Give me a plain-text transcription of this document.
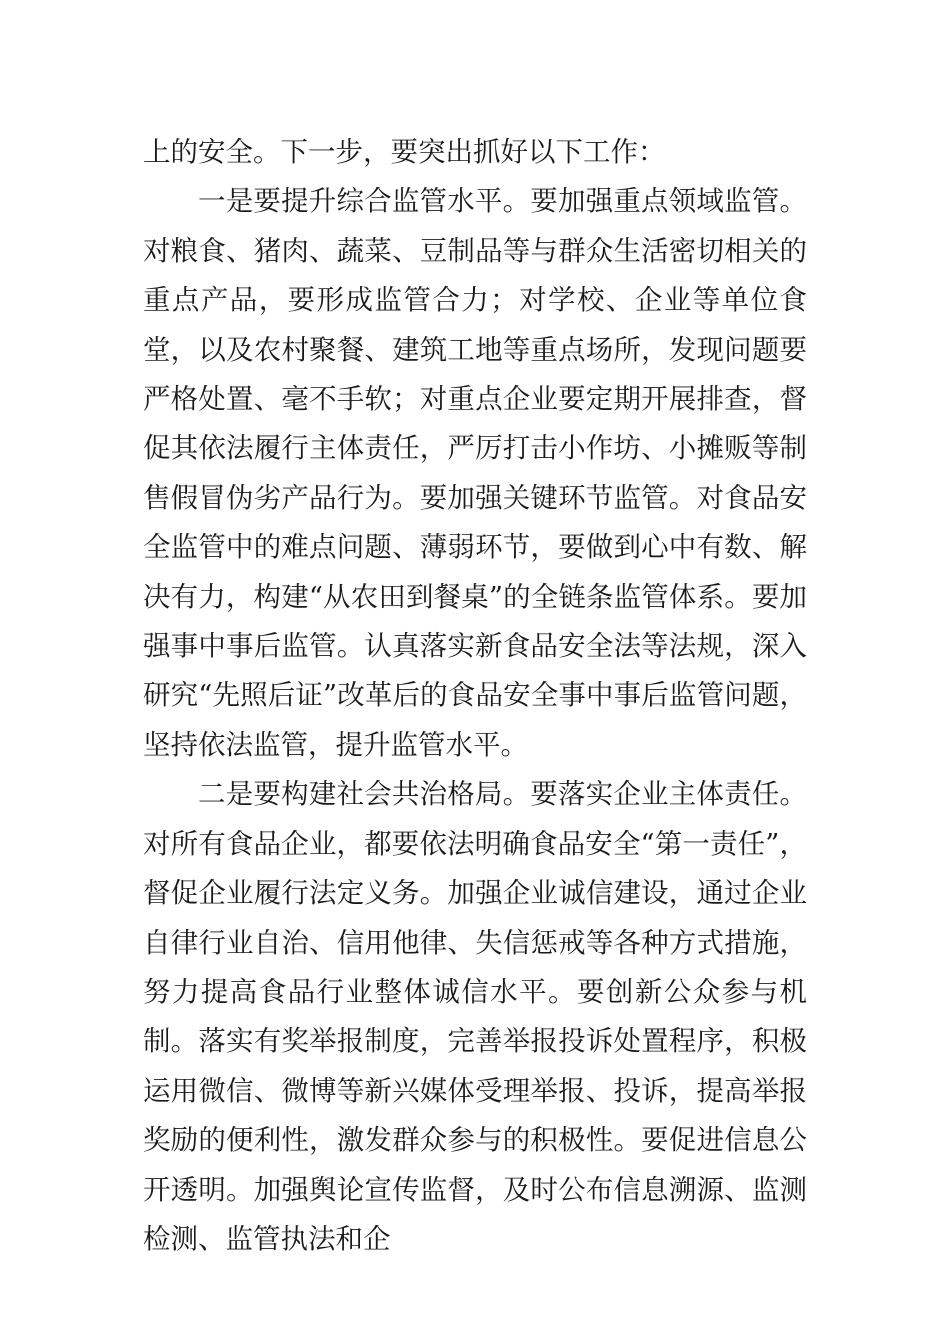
上的安全。下一步，要突出抓好以下工作：

一是要提升综合监管水平。要加强重点领域监管。对粮食、猪肉、蔬菜、豆制品等与群众生活密切相关的重点产品，要形成监管合力；对学校、企业等单位食堂，以及农村聚餐、建筑工地等重点场所，发现问题要严格处置、毫不手软；对重点企业要定期开展排查，督促其依法履行主体责任，严厉打击小作坊、小摊贩等制售假冒伪劣产品行为。要加强关键环节监管。对食品安全监管中的难点问题、薄弱环节，要做到心中有数、解决有力，构建“从农田到餐桌”的全链条监管体系。要加强事中事后监管。认真落实新食品安全法等法规，深入研究“先照后证”改革后的食品安全事中事后监管问题，坚持依法监管，提升监管水平。

二是要构建社会共治格局。要落实企业主体责任。对所有食品企业，都要依法明确食品安全“第一责任”，督促企业履行法定义务。加强企业诚信建设，通过企业自律行业自治、信用他律、失信惩戒等各种方式措施，努力提高食品行业整体诚信水平。要创新公众参与机制。落实有奖举报制度，完善举报投诉处置程序，积极运用微信、微博等新兴媒体受理举报、投诉，提高举报奖励的便利性，激发群众参与的积极性。要促进信息公开透明。加强舆论宣传监督，及时公布信息溯源、监测检测、监管执法和企
